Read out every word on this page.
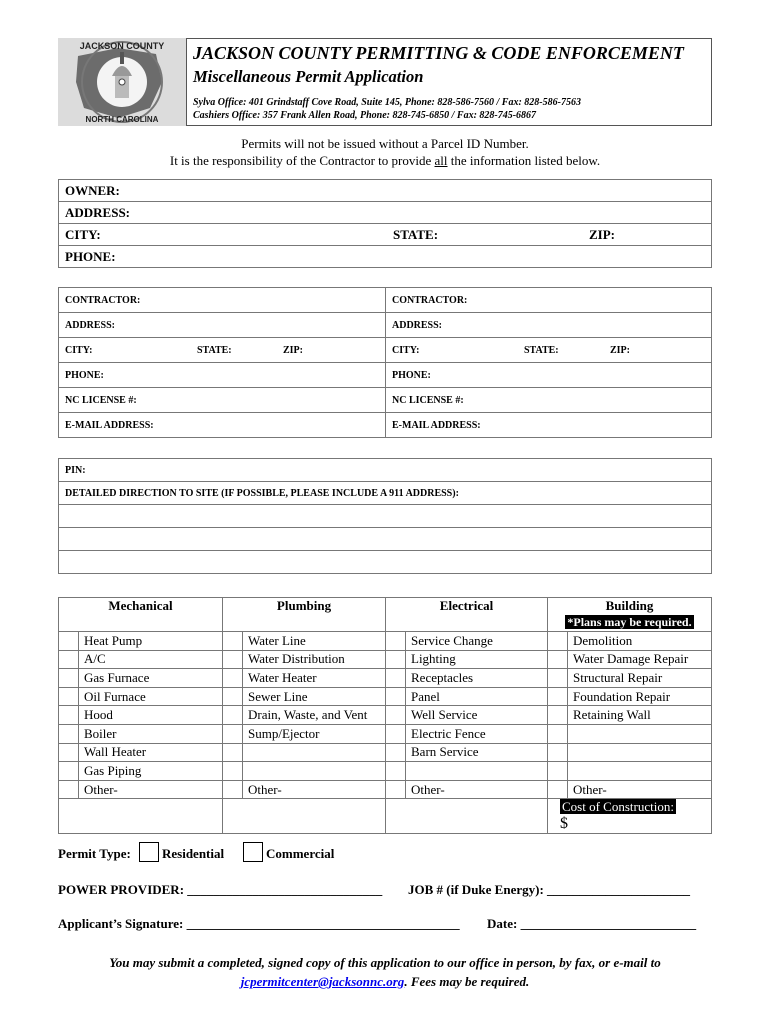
JACKSON COUNTY
NORTH CAROLINA
JACKSON COUNTY PERMITTING & CODE ENFORCEMENT
Miscellaneous Permit Application
Sylva Office: 401 Grindstaff Cove Road, Suite 145, Phone: 828-586-7560 / Fax: 828-586-7563
Cashiers Office: 357 Frank Allen Road, Phone: 828-745-6850 / Fax: 828-745-6867
Permits will not be issued without a Parcel ID Number.
It is the responsibility of the Contractor to provide all the information listed below.
OWNER:
ADDRESS:

CITY:	STATE:	ZIP:

PHONE:
CONTRACTOR:	CONTRACTOR:
ADDRESS:	ADDRESS:

CITY: STATE: ZIP:	CITY: STATE: ZIP:

PHONE:	PHONE:
NC LICENSE #:	NC LICENSE #:
E-MAIL ADDRESS:	E-MAIL ADDRESS:
PIN:
DETAILED DIRECTION TO SITE (IF POSSIBLE, PLEASE INCLUDE A 911 ADDRESS):

Mechanical		Plumbing		Electrical		Building
*Plans may be required.	
	Heat Pump		Water Line		Service Change		Demolition
	A/C		Water Distribution		Lighting		Water Damage Repair
	Gas Furnace		Water Heater		Receptacles		Structural Repair
	Oil Furnace		Sewer Line		Panel		Foundation Repair
	Hood		Drain, Waste, and Vent		Well Service		Retaining Wall
	Boiler		Sump/Ejector		Electric Fence		
	Wall Heater				Barn Service		
	Gas Piping						
	Other-		Other-		Other-		Other-

						Cost of Construction:
$	
Permit Type: Residential	Commercial
POWER PROVIDER: ______________________________ JOB # (if Duke Energy): ______________________
Applicant’s Signature: __________________________________________ Date: ___________________________
You may submit a completed, signed copy of this application to our office in person, by fax, or e-mail to
jcpermitcenter@jacksonnc.org. Fees may be required.
